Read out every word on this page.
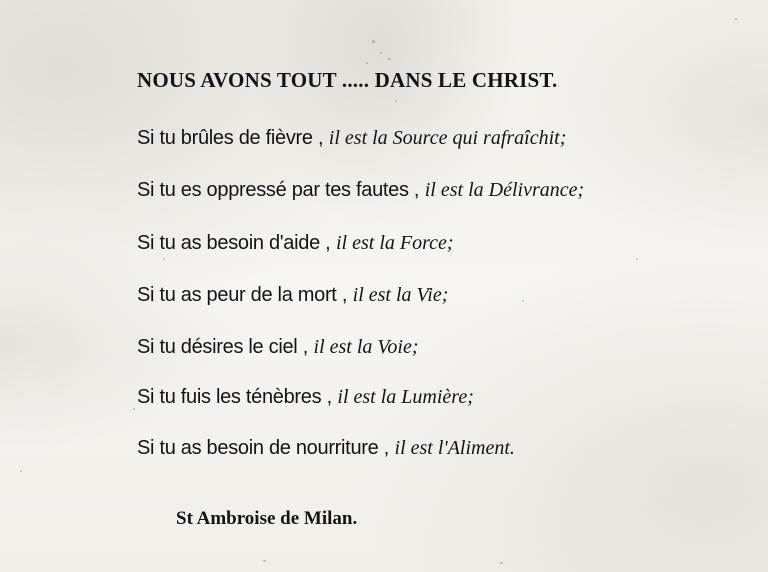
NOUS AVONS TOUT ..... DANS LE CHRIST.

Si tu brûles de fièvre , il est la Source qui rafraîchit;

Si tu es oppressé par tes fautes , il est la Délivrance;

Si tu as besoin d'aide , il est la Force;

Si tu as peur de la mort , il est la Vie;

Si tu désires le ciel , il est la Voie;

Si tu fuis les ténèbres , il est la Lumière;

Si tu as besoin de nourriture , il est l'Aliment.

St Ambroise de Milan.
